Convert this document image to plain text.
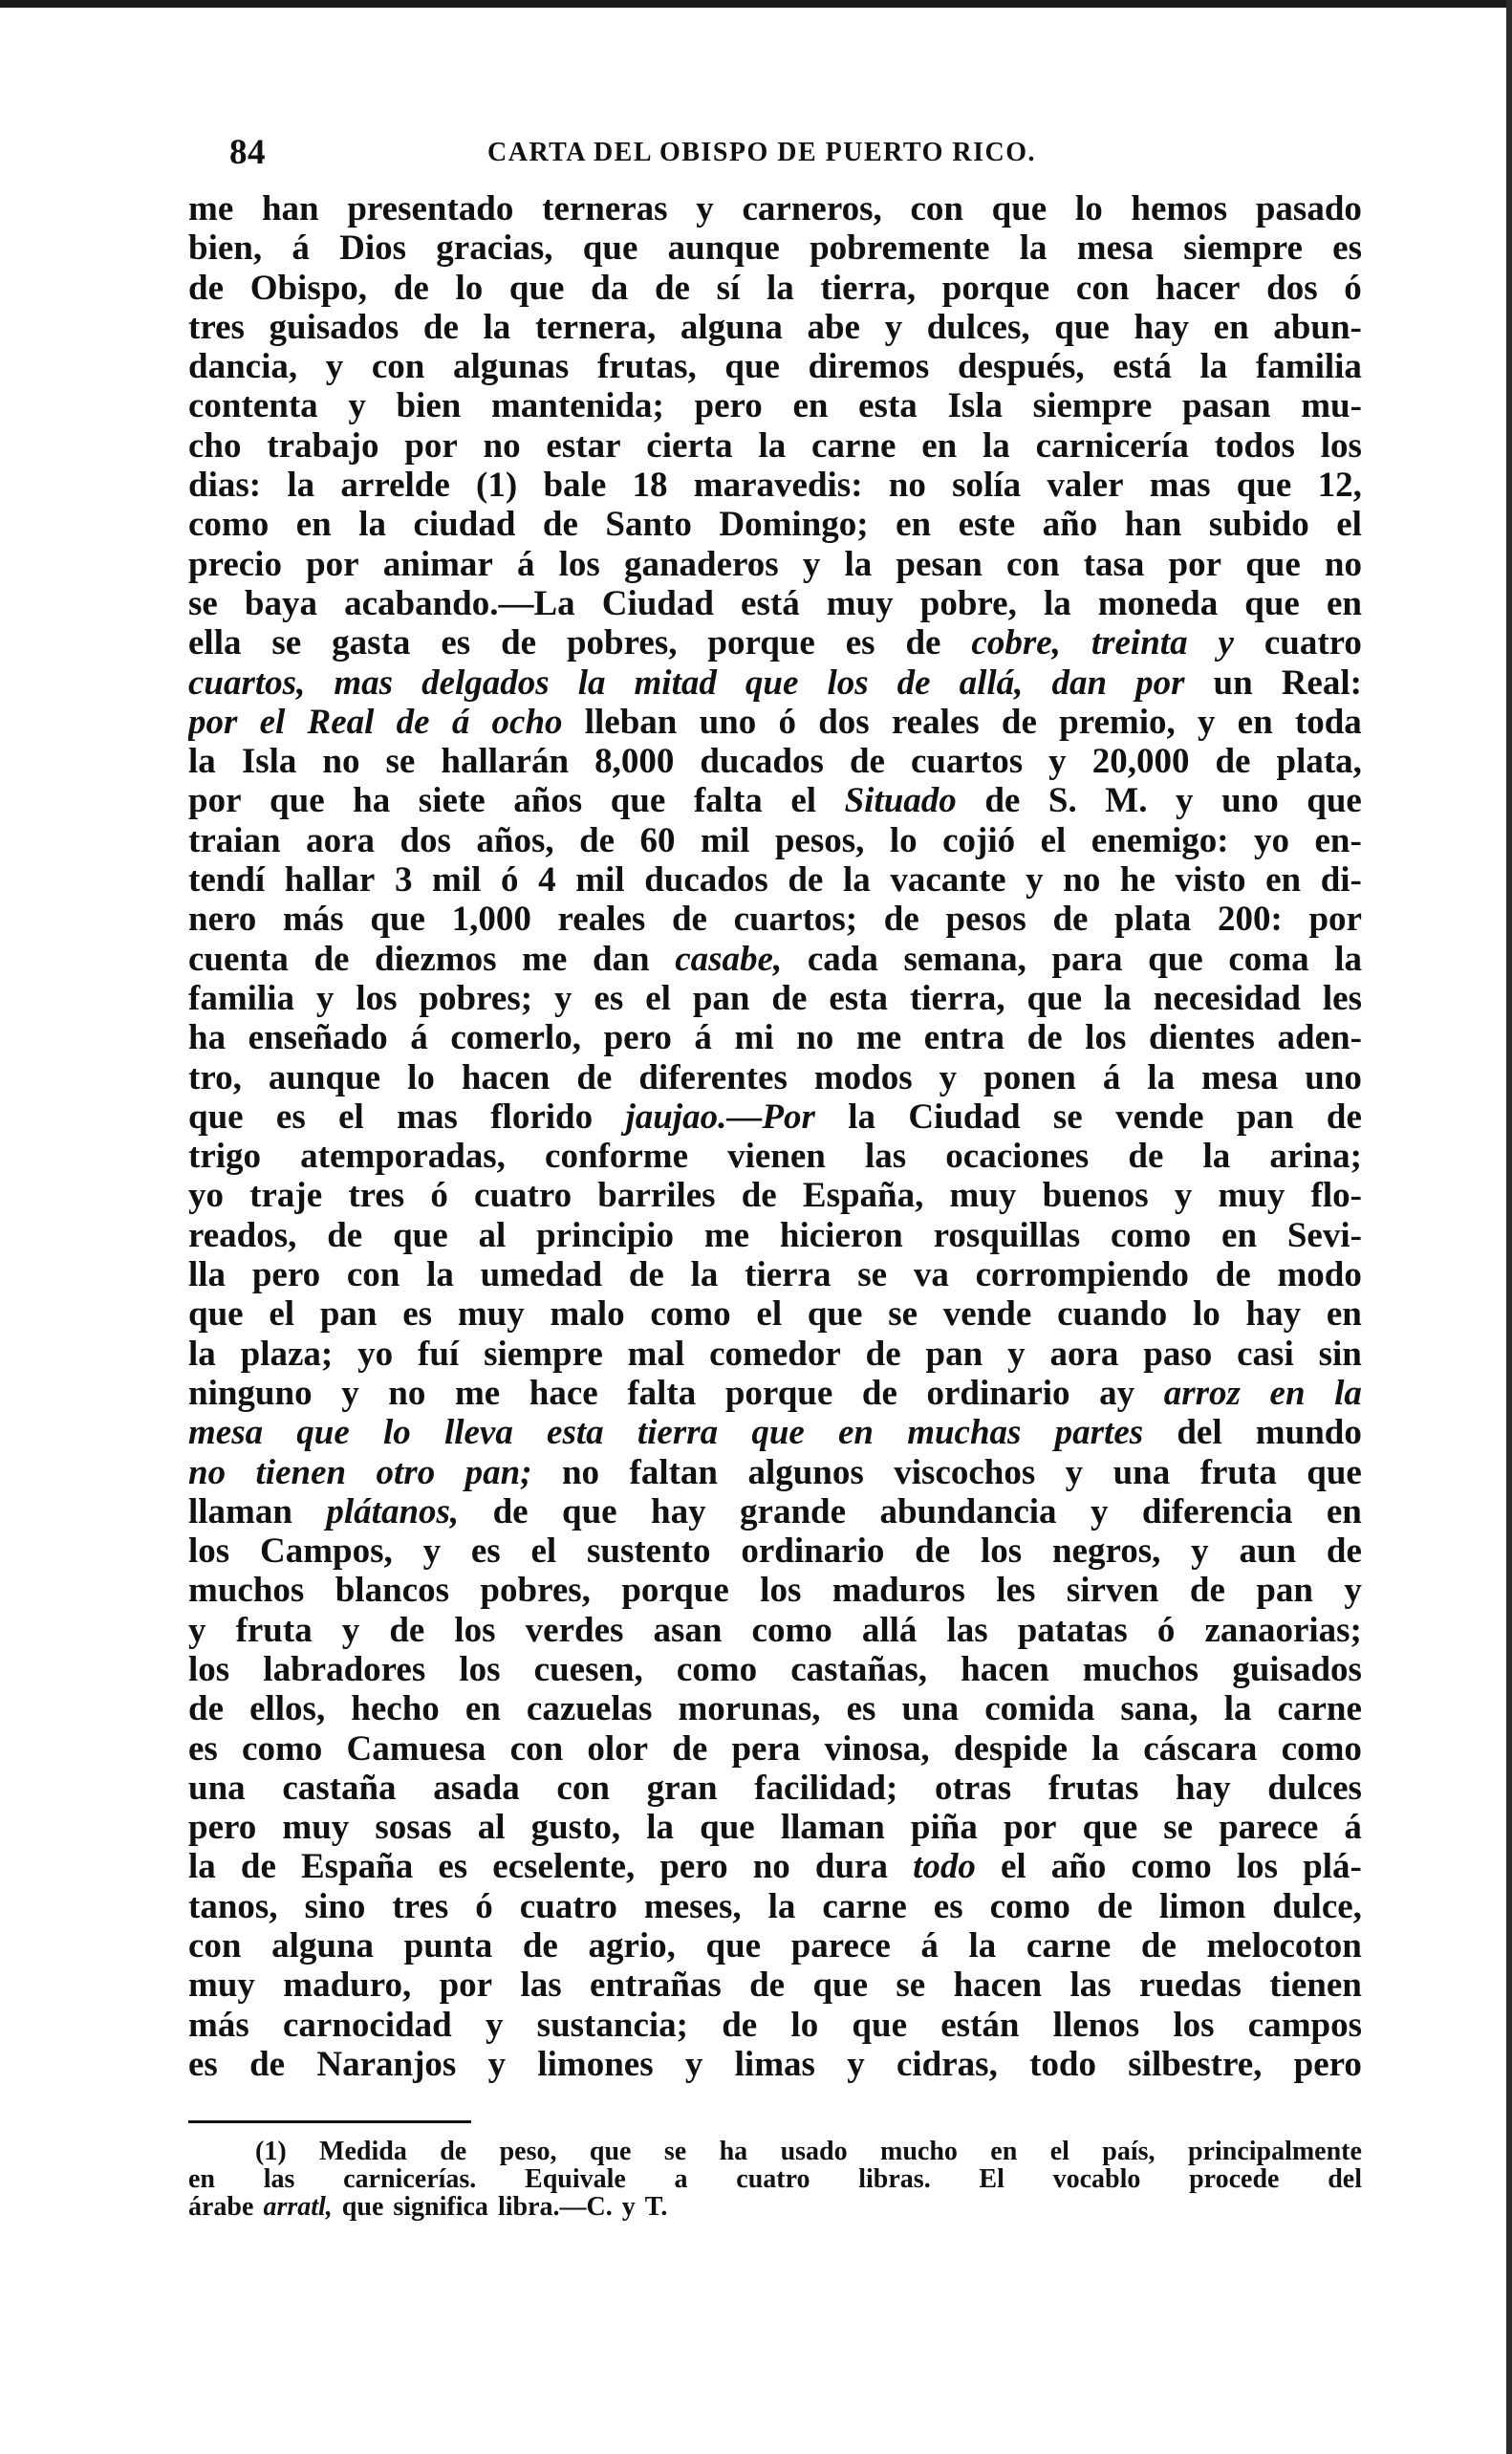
84	CARTA DEL OBISPO DE PUERTO RICO.
me han presentado terneras y carneros, con que lo hemos pasado
bien, á Dios gracias, que aunque pobremente la mesa siempre es
de Obispo, de lo que da de sí la tierra, porque con hacer dos ó
tres guisados de la ternera, alguna abe y dulces, que hay en abun-
dancia, y con algunas frutas, que diremos después, está la familia
contenta y bien mantenida; pero en esta Isla siempre pasan mu-
cho trabajo por no estar cierta la carne en la carnicería todos los
dias: la arrelde (1) bale 18 maravedis: no solía valer mas que 12,
como en la ciudad de Santo Domingo; en este año han subido el
precio por animar á los ganaderos y la pesan con tasa por que no
se baya acabando.—La Ciudad está muy pobre, la moneda que en
ella se gasta es de pobres, porque es de cobre, treinta y cuatro
cuartos, mas delgados la mitad que los de allá, dan por un Real:
por el Real de á ocho lleban uno ó dos reales de premio, y en toda
la Isla no se hallarán 8,000 ducados de cuartos y 20,000 de plata,
por que ha siete años que falta el Situado de S. M. y uno que
traian aora dos años, de 60 mil pesos, lo cojió el enemigo: yo en-
tendí hallar 3 mil ó 4 mil ducados de la vacante y no he visto en di-
nero más que 1,000 reales de cuartos; de pesos de plata 200: por
cuenta de diezmos me dan casabe, cada semana, para que coma la
familia y los pobres; y es el pan de esta tierra, que la necesidad les
ha enseñado á comerlo, pero á mi no me entra de los dientes aden-
tro, aunque lo hacen de diferentes modos y ponen á la mesa uno
que es el mas florido jaujao.—Por la Ciudad se vende pan de
trigo atemporadas, conforme vienen las ocaciones de la arina;
yo traje tres ó cuatro barriles de España, muy buenos y muy flo-
reados, de que al principio me hicieron rosquillas como en Sevi-
lla pero con la umedad de la tierra se va corrompiendo de modo
que el pan es muy malo como el que se vende cuando lo hay en
la plaza; yo fuí siempre mal comedor de pan y aora paso casi sin
ninguno y no me hace falta porque de ordinario ay arroz en la
mesa que lo lleva esta tierra que en muchas partes del mundo
no tienen otro pan; no faltan algunos viscochos y una fruta que
llaman plátanos, de que hay grande abundancia y diferencia en
los Campos, y es el sustento ordinario de los negros, y aun de
muchos blancos pobres, porque los maduros les sirven de pan y
y fruta y de los verdes asan como allá las patatas ó zanaorias;
los labradores los cuesen, como castañas, hacen muchos guisados
de ellos, hecho en cazuelas morunas, es una comida sana, la carne
es como Camuesa con olor de pera vinosa, despide la cáscara como
una castaña asada con gran facilidad; otras frutas hay dulces
pero muy sosas al gusto, la que llaman piña por que se parece á
la de España es ecselente, pero no dura todo el año como los plá-
tanos, sino tres ó cuatro meses, la carne es como de limon dulce,
con alguna punta de agrio, que parece á la carne de melocoton
muy maduro, por las entrañas de que se hacen las ruedas tienen
más carnocidad y sustancia; de lo que están llenos los campos
es de Naranjos y limones y limas y cidras, todo silbestre, pero
(1) Medida de peso, que se ha usado mucho en el país, principalmente
en las carnicerías. Equivale a cuatro libras. El vocablo procede del
árabe arratl, que significa libra.—C. y T.
